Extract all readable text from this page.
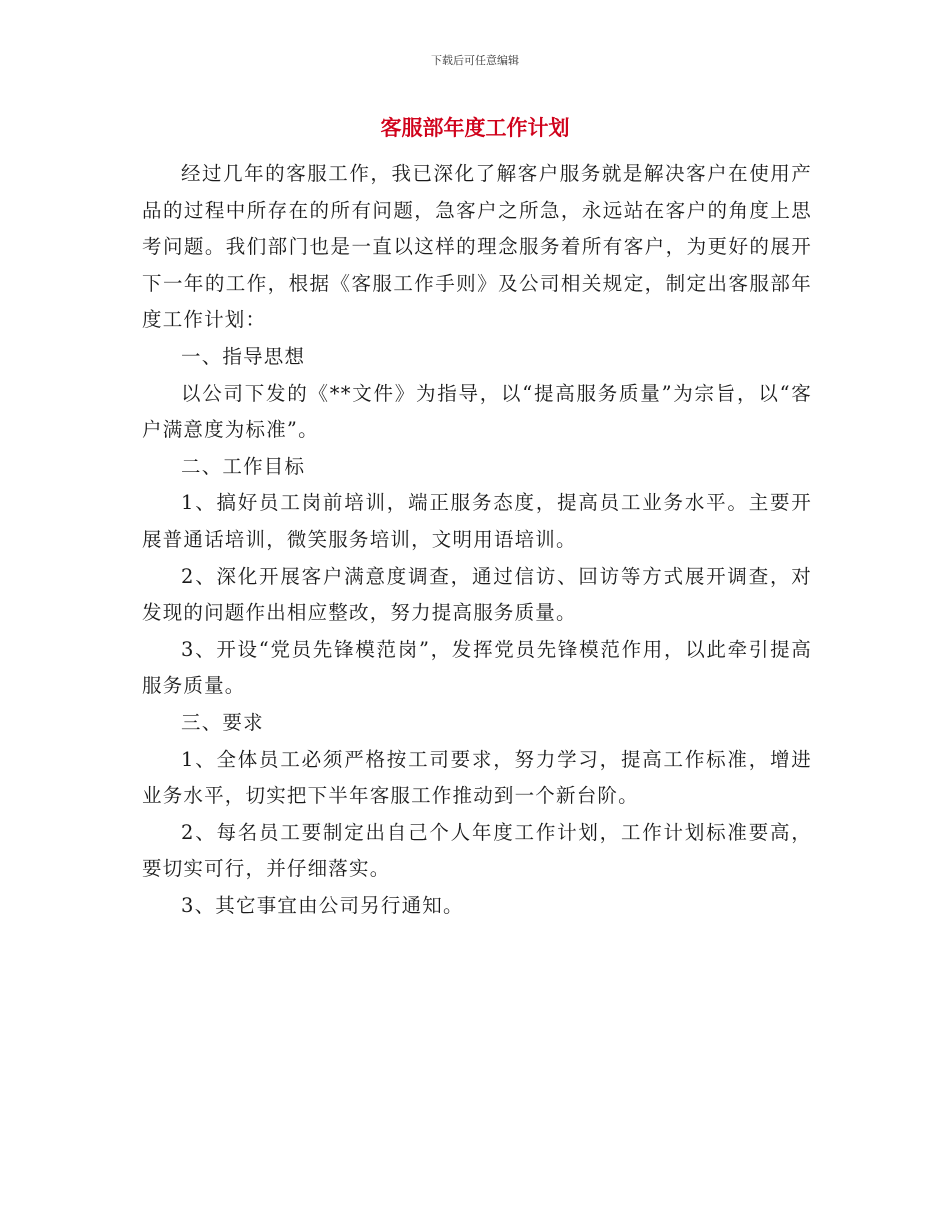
下载后可任意编辑
客服部年度工作计划

经过几年的客服工作，我已深化了解客户服务就是解决客户在使用产品的过程中所存在的所有问题，急客户之所急，永远站在客户的角度上思考问题。我们部门也是一直以这样的理念服务着所有客户，为更好的展开下一年的工作，根据《客服工作手则》及公司相关规定，制定出客服部年度工作计划：

一、指导思想

以公司下发的《**文件》为指导，以“提高服务质量”为宗旨，以“客户满意度为标准”。

二、工作目标

1、搞好员工岗前培训，端正服务态度，提高员工业务水平。主要开展普通话培训，微笑服务培训，文明用语培训。

2、深化开展客户满意度调查，通过信访、回访等方式展开调查，对发现的问题作出相应整改，努力提高服务质量。

3、开设“党员先锋模范岗”，发挥党员先锋模范作用，以此牵引提高服务质量。

三、要求

1、全体员工必须严格按工司要求，努力学习，提高工作标准，增进业务水平，切实把下半年客服工作推动到一个新台阶。

2、每名员工要制定出自己个人年度工作计划，工作计划标准要高，要切实可行，并仔细落实。

3、其它事宜由公司另行通知。
